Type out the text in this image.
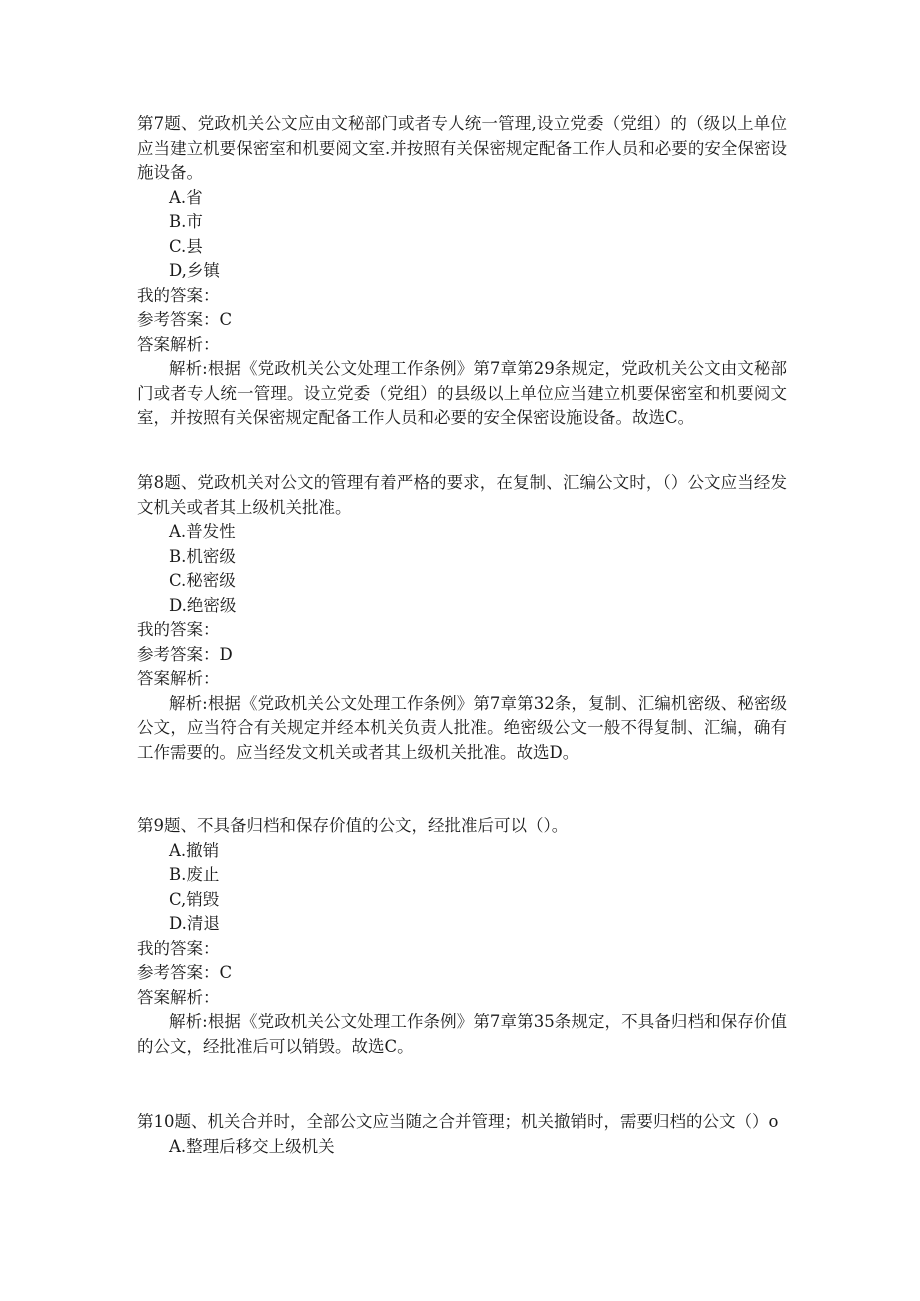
第7题、党政机关公文应由文秘部门或者专人统一管理,设立党委（党组）的（级以上单位应当建立机要保密室和机要阅文室.并按照有关保密规定配备工作人员和必要的安全保密设施设备。

A.省
B.市
C.县
D,乡镇

我的答案：

参考答案：C

答案解析：

解析:根据《党政机关公文处理工作条例》第7章第29条规定，党政机关公文由文秘部门或者专人统一管理。设立党委（党组）的县级以上单位应当建立机要保密室和机要阅文室，并按照有关保密规定配备工作人员和必要的安全保密设施设备。故选C。

第8题、党政机关对公文的管理有着严格的要求，在复制、汇编公文时，（）公文应当经发文机关或者其上级机关批准。

A.普发性
B.机密级
C.秘密级
D.绝密级

我的答案：

参考答案：D

答案解析：

解析:根据《党政机关公文处理工作条例》第7章第32条，复制、汇编机密级、秘密级公文，应当符合有关规定并经本机关负责人批准。绝密级公文一般不得复制、汇编，确有工作需要的。应当经发文机关或者其上级机关批准。故选D。

第9题、不具备归档和保存价值的公文，经批准后可以（）。

A.撤销
B.废止
C,销毁
D.清退

我的答案：

参考答案：C

答案解析：

解析:根据《党政机关公文处理工作条例》第7章第35条规定，不具备归档和保存价值的公文，经批准后可以销毁。故选C。

第10题、机关合并时，全部公文应当随之合并管理；机关撤销时，需要归档的公文（）o

A.整理后移交上级机关
